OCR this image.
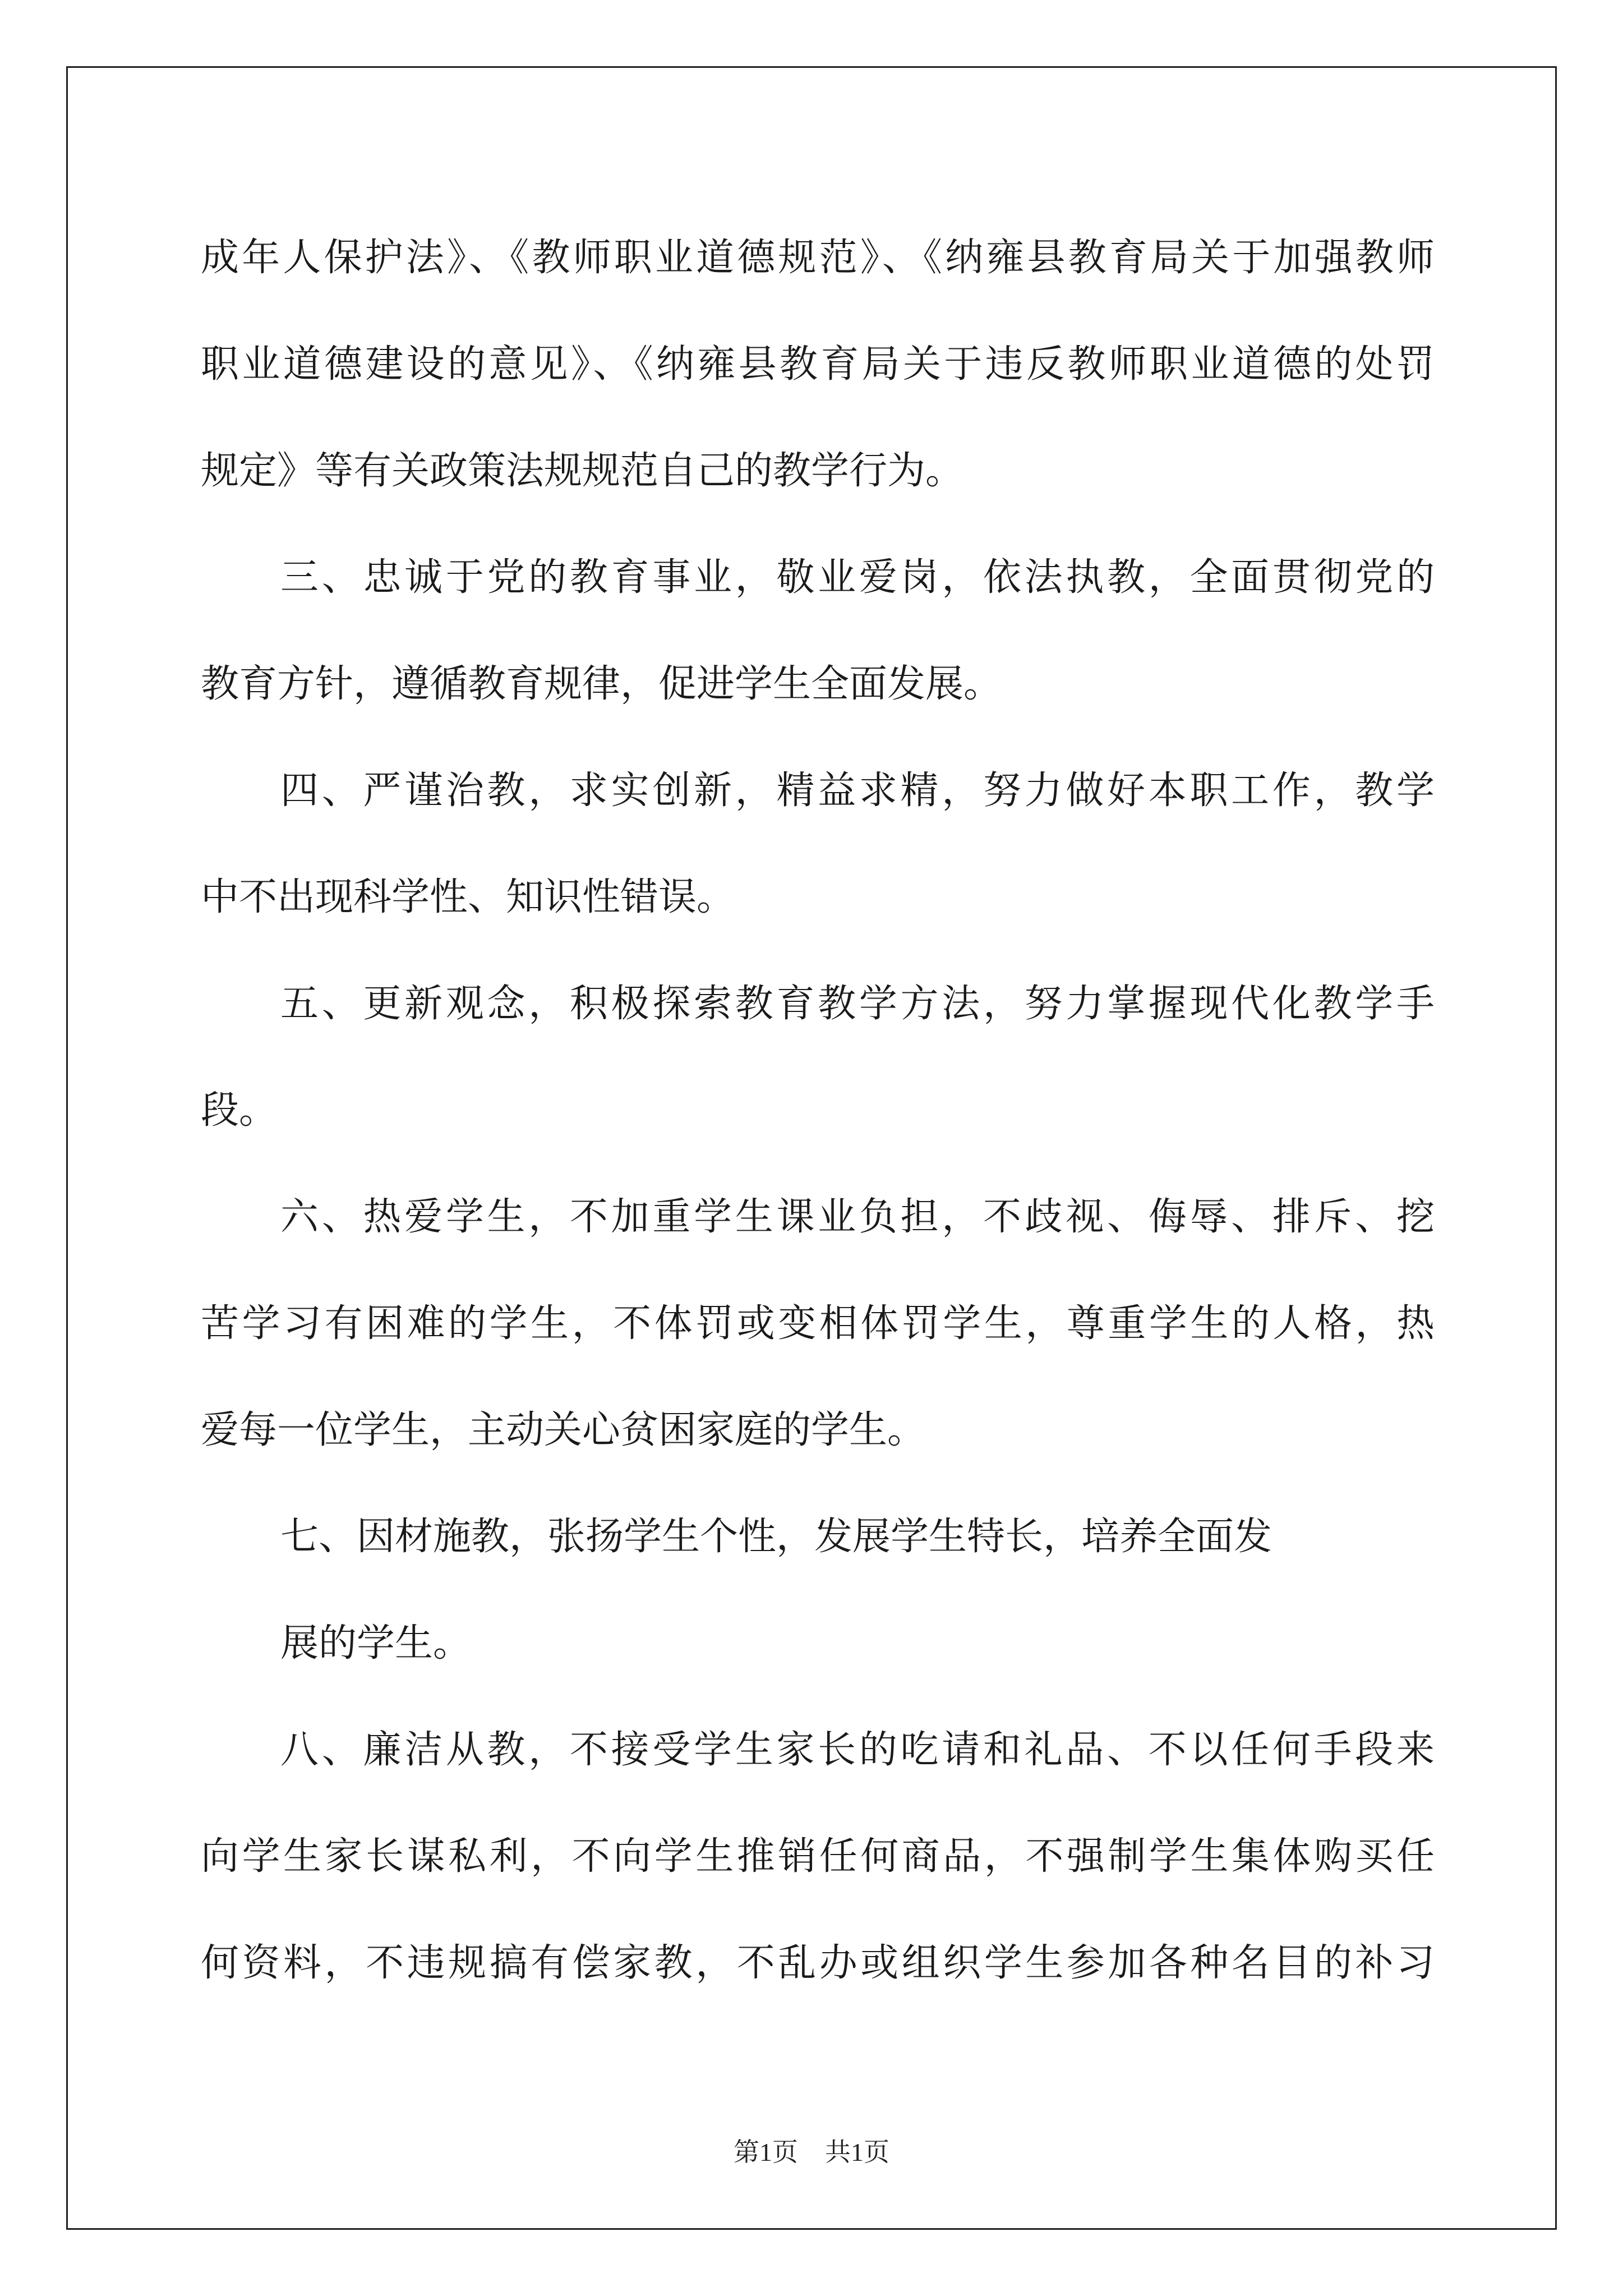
成年人保护法》、《教师职业道德规范》、《纳雍县教育局关于加强教师
职业道德建设的意见》、《纳雍县教育局关于违反教师职业道德的处罚
规定》等有关政策法规规范自己的教学行为。
三、忠诚于党的教育事业，敬业爱岗，依法执教，全面贯彻党的
教育方针，遵循教育规律，促进学生全面发展。
四、严谨治教，求实创新，精益求精，努力做好本职工作，教学
中不出现科学性、知识性错误。
五、更新观念，积极探索教育教学方法，努力掌握现代化教学手
段。
六、热爱学生，不加重学生课业负担，不歧视、侮辱、排斥、挖
苦学习有困难的学生，不体罚或变相体罚学生，尊重学生的人格，热
爱每一位学生，主动关心贫困家庭的学生。
七、因材施教，张扬学生个性，发展学生特长，培养全面发
展的学生。
八、廉洁从教，不接受学生家长的吃请和礼品、不以任何手段来
向学生家长谋私利，不向学生推销任何商品，不强制学生集体购买任
何资料，不违规搞有偿家教，不乱办或组织学生参加各种名目的补习
第1页 共1页
